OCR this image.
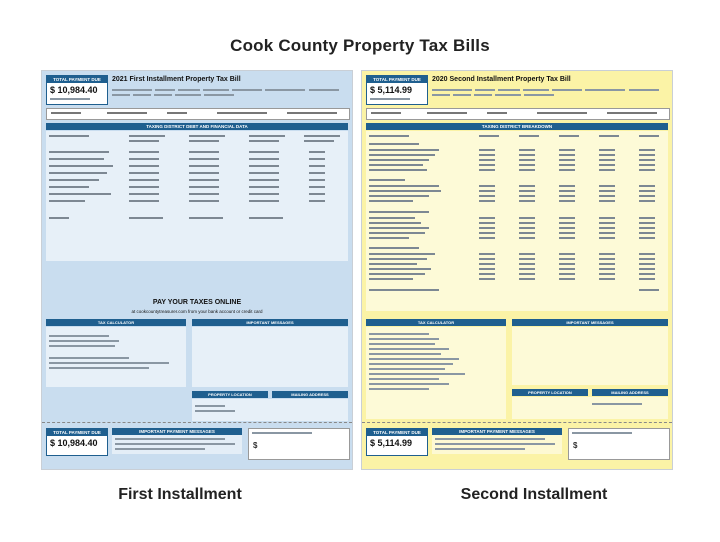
Cook County Property Tax Bills
TOTAL PAYMENT DUE
$ 10,984.40
2021 First Installment Property Tax Bill

TAXING DISTRICT DEBT AND FINANCIAL DATA
PAY YOUR TAXES ONLINE
at cookcountytreasurer.com from your bank account or credit card
TAX CALCULATOR	IMPORTANT MESSAGES
PROPERTY LOCATION	MAILING ADDRESS
TOTAL PAYMENT DUE
$ 10,984.40
IMPORTANT PAYMENT MESSAGES
$
TOTAL PAYMENT DUE
$ 5,114.99
2020 Second Installment Property Tax Bill

TAXING DISTRICT BREAKDOWN
TAX CALCULATOR	IMPORTANT MESSAGES
PROPERTY LOCATION	MAILING ADDRESS
TOTAL PAYMENT DUE
$ 5,114.99
IMPORTANT PAYMENT MESSAGES
$
First Installment	Second Installment
